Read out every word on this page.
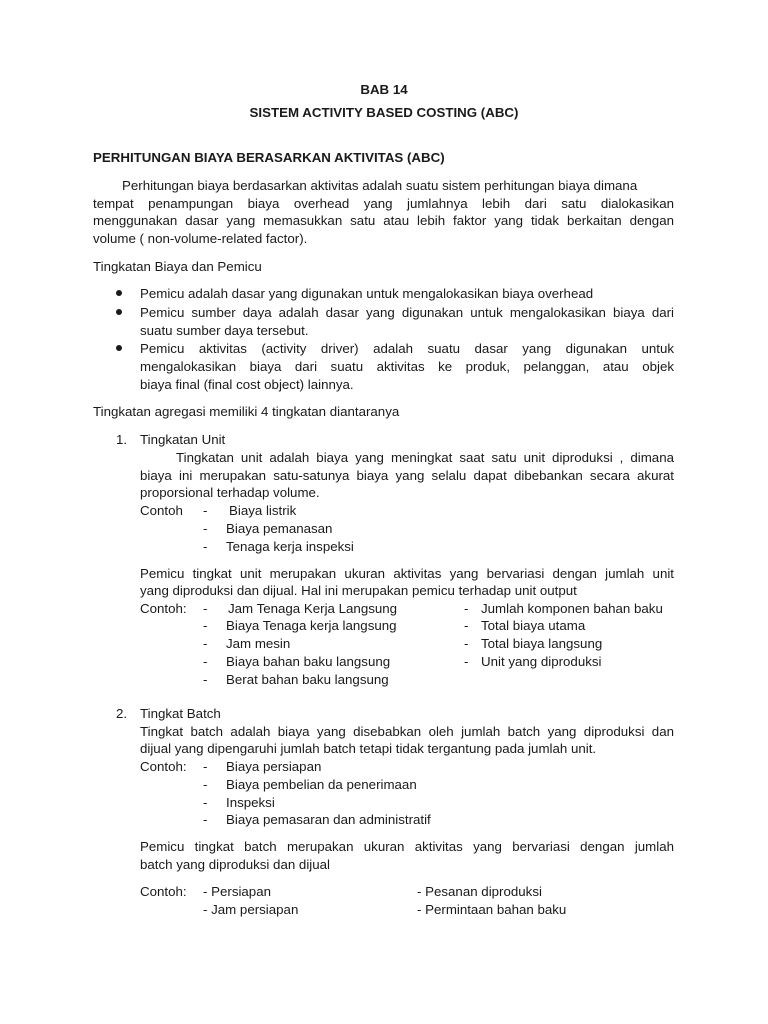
BAB 14
SISTEM ACTIVITY BASED COSTING (ABC)
PERHITUNGAN BIAYA BERASARKAN AKTIVITAS (ABC)
Perhitungan biaya berdasarkan aktivitas adalah suatu sistem perhitungan biaya dimana
tempat penampungan biaya overhead yang jumlahnya lebih dari satu dialokasikan
menggunakan dasar yang memasukkan satu atau lebih faktor yang tidak berkaitan dengan
volume ( non-volume-related factor).
Tingkatan Biaya dan Pemicu
Pemicu adalah dasar yang digunakan untuk mengalokasikan biaya overhead
Pemicu sumber daya adalah dasar yang digunakan untuk mengalokasikan biaya dari
suatu sumber daya tersebut.
Pemicu aktivitas (activity driver) adalah suatu dasar yang digunakan untuk
mengalokasikan biaya dari suatu aktivitas ke produk, pelanggan, atau objek
biaya final (final cost object) lainnya.
Tingkatan agregasi memiliki 4 tingkatan diantaranya
1. Tingkatan Unit
Tingkatan unit adalah biaya yang meningkat saat satu unit diproduksi , dimana
biaya ini merupakan satu-satunya biaya yang selalu dapat dibebankan secara akurat
proporsional terhadap volume.
Contoh - Biaya listrik
- Biaya pemanasan
- Tenaga kerja inspeksi
Pemicu tingkat unit merupakan ukuran aktivitas yang bervariasi dengan jumlah unit
yang diproduksi dan dijual. Hal ini merupakan pemicu terhadap unit output
Contoh: - Jam Tenaga Kerja Langsung
- Biaya Tenaga kerja langsung
- Jam mesin
- Biaya bahan baku langsung
- Berat bahan baku langsung
- Jumlah komponen bahan baku
- Total biaya utama
- Total biaya langsung
- Unit yang diproduksi
2. Tingkat Batch
Tingkat batch adalah biaya yang disebabkan oleh jumlah batch yang diproduksi dan
dijual yang dipengaruhi jumlah batch tetapi tidak tergantung pada jumlah unit.
Contoh: - Biaya persiapan
- Biaya pembelian da penerimaan
- Inspeksi
- Biaya pemasaran dan administratif
Pemicu tingkat batch merupakan ukuran aktivitas yang bervariasi dengan jumlah
batch yang diproduksi dan dijual
Contoh: - Persiapan
- Jam persiapan
- Pesanan diproduksi
- Permintaan bahan baku
